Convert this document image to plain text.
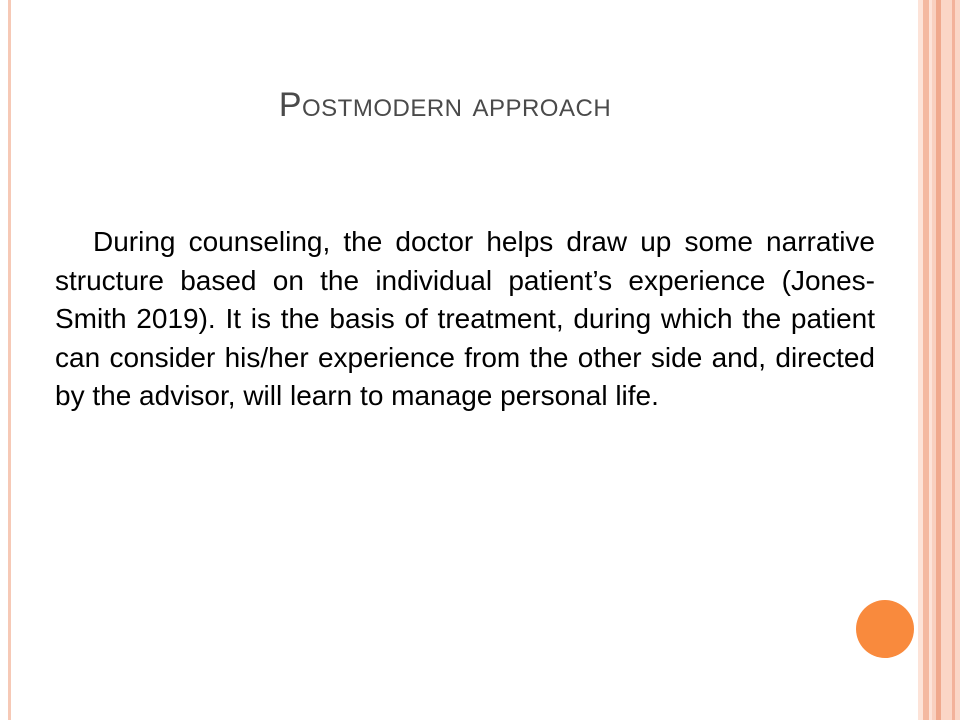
Postmodern approach

During counseling, the doctor helps draw up some narrative structure based on the individual patient’s experience (Jones-Smith 2019). It is the basis of treatment, during which the patient can consider his/her experience from the other side and, directed by the advisor, will learn to manage personal life.
